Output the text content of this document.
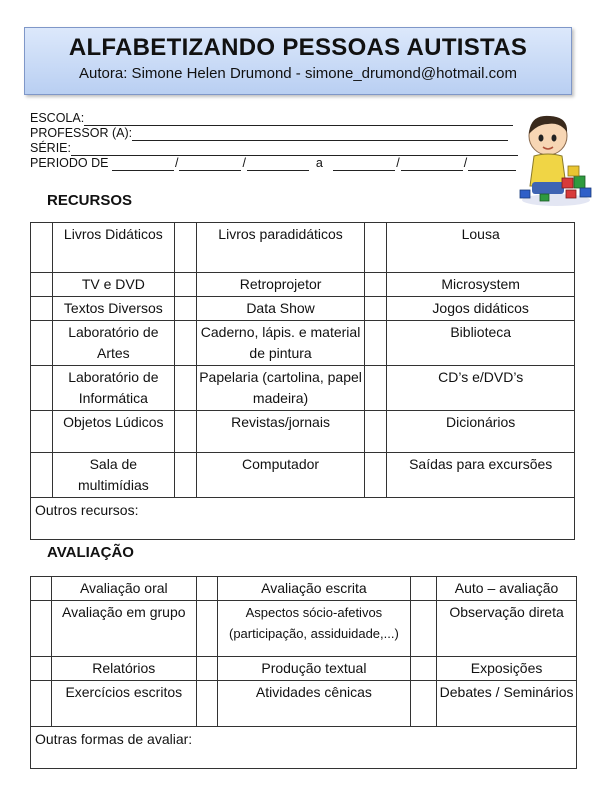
ALFABETIZANDO PESSOAS AUTISTAS
Autora: Simone Helen Drumond - simone_drumond@hotmail.com
ESCOLA:
PROFESSOR (A):
SÉRIE:
PERIODO DE
	/	/
	a
	/	/
RECURSOS
	Livros Didáticos		Livros paradidáticos		Lousa
	TV e DVD		Retroprojetor		Microsystem
	Textos Diversos		Data Show		Jogos didáticos
	Laboratório de Artes		Caderno, lápis. e material de pintura		Biblioteca
	Laboratório de Informática		Papelaria (cartolina, papel madeira)		CD’s e/DVD’s
	Objetos Lúdicos		Revistas/jornais		Dicionários
	Sala de multimídias		Computador		Saídas para excursões
Outros recursos:					
AVALIAÇÃO
	Avaliação oral		Avaliação escrita		Auto – avaliação
	Avaliação em grupo		Aspectos sócio-afetivos (participação, assiduidade,...)		Observação direta
	Relatórios		Produção textual		Exposições
	Exercícios escritos		Atividades cênicas		Debates / Seminários
Outras formas de avaliar:					
